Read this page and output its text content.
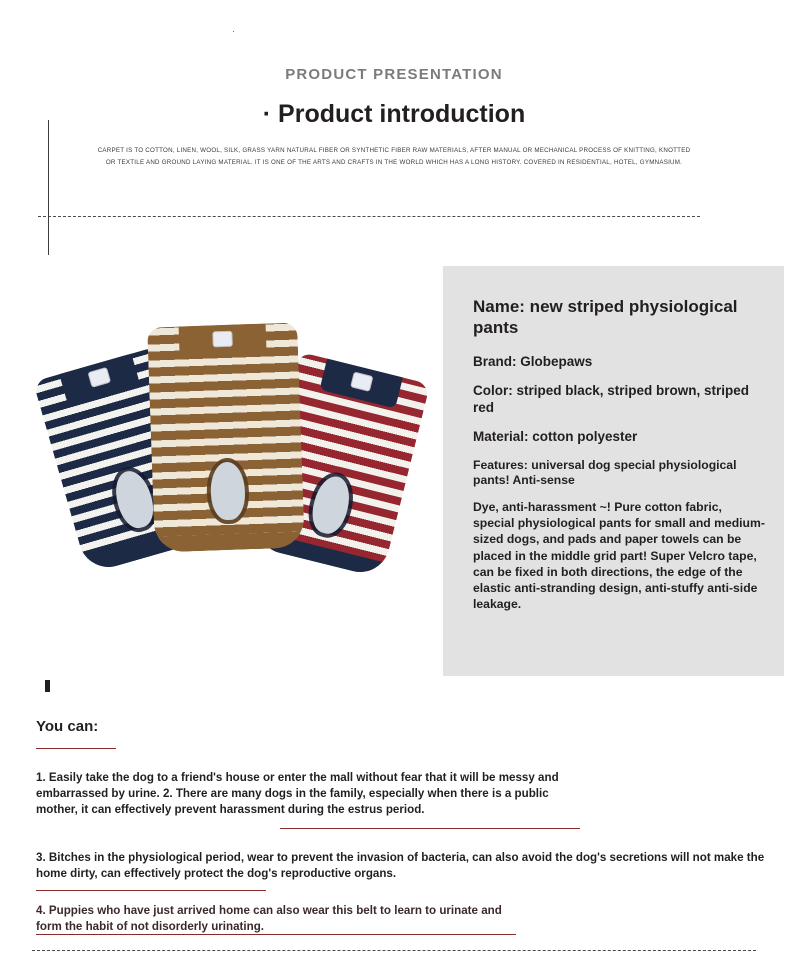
·
PRODUCT PRESENTATION
· Product introduction
CARPET IS TO COTTON, LINEN, WOOL, SILK, GRASS YARN NATURAL FIBER OR SYNTHETIC FIBER RAW MATERIALS, AFTER MANUAL OR MECHANICAL PROCESS OF KNITTING, KNOTTED OR TEXTILE AND GROUND LAYING MATERIAL. IT IS ONE OF THE ARTS AND CRAFTS IN THE WORLD WHICH HAS A LONG HISTORY. COVERED IN RESIDENTIAL, HOTEL, GYMNASIUM.

Name: new striped physiological pants

Brand: Globepaws

Color: striped black, striped brown, striped red

Material: cotton polyester

Features: universal dog special physiological pants! Anti-sense

Dye, anti-harassment ~! Pure cotton fabric, special physiological pants for small and medium-sized dogs, and pads and paper towels can be placed in the middle grid part! Super Velcro tape, can be fixed in both directions, the edge of the elastic anti-stranding design, anti-stuffy anti-side leakage.

You can:
1. Easily take the dog to a friend's house or enter the mall without fear that it will be messy and embarrassed by urine. 2. There are many dogs in the family, especially when there is a public mother, it can effectively prevent harassment during the estrus period.
3. Bitches in the physiological period, wear to prevent the invasion of bacteria, can also avoid the dog's secretions will not make the home dirty, can effectively protect the dog's reproductive organs.
4. Puppies who have just arrived home can also wear this belt to learn to urinate and form the habit of not disorderly urinating.
